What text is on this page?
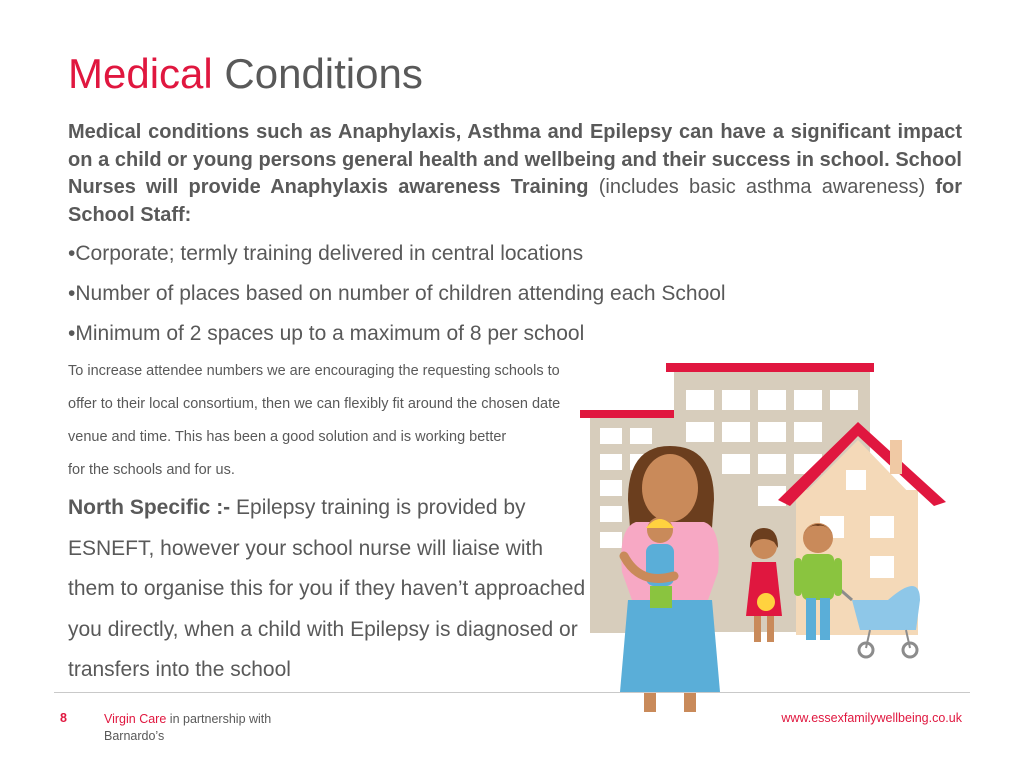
Medical Conditions
Medical conditions such as Anaphylaxis, Asthma and Epilepsy can have a significant impact on a child or young persons general health and wellbeing and their success in school. School Nurses will provide Anaphylaxis awareness Training (includes basic asthma awareness) for School Staff:
•Corporate; termly training delivered in central locations
•Number of places based on number of children attending each School
•Minimum of 2 spaces up to a maximum of 8 per school
To increase attendee numbers we are encouraging the requesting schools to
offer to their local consortium, then we can flexibly fit around the chosen date
venue and time. This has been a good solution and is working better
for the schools and for us.
North Specific :- Epilepsy training is provided by
ESNEFT, however your school nurse will liaise with
them to organise this for you if they haven’t approached
you directly, when a child with Epilepsy is diagnosed or
transfers into the school
8	Virgin Care in partnership with
Barnardo’s
www.essexfamilywellbeing.co.uk
